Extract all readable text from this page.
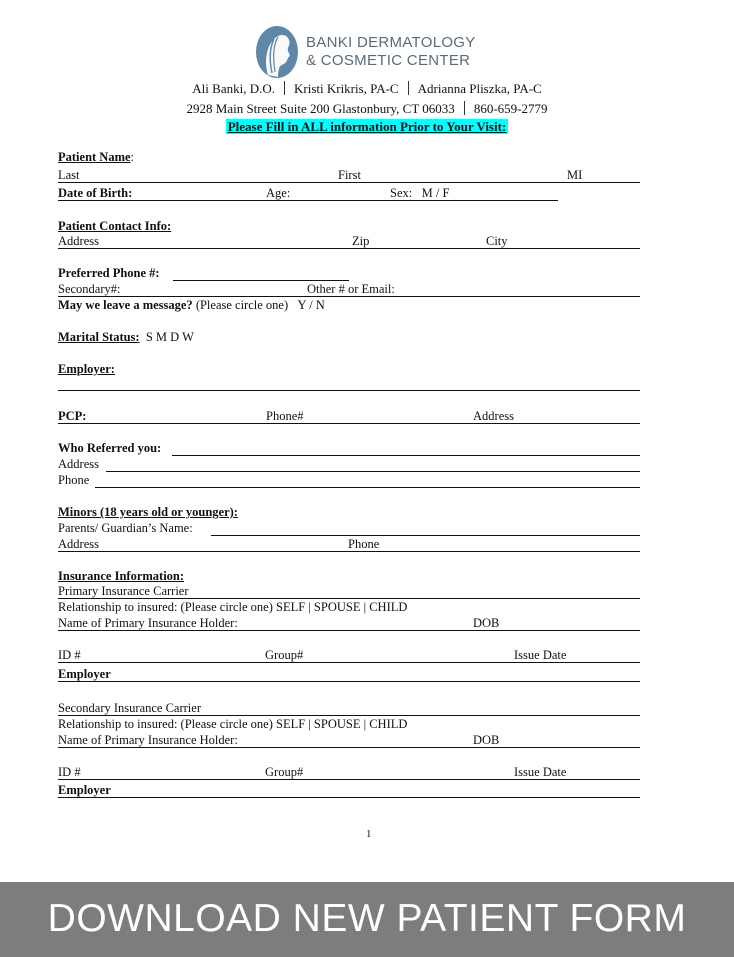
BANKI DERMATOLOGY
& COSMETIC CENTER
Ali Banki, D.O. Kristi Krikris, PA-C Adrianna Pliszka, PA-C
2928 Main Street Suite 200 Glastonbury, CT 06033 860-659-2779
Please Fill in ALL information Prior to Your Visit:
Patient Name:
Last	First	MI
Date of Birth:	Age:	Sex: M / F
Patient Contact Info:
Address	Zip	City
Preferred Phone #:
Secondary#:	Other # or Email:
May we leave a message? (Please circle one) Y / N
Marital Status: S M D W
Employer:
PCP:	Phone#	Address
Who Referred you:
Address
Phone
Minors (18 years old or younger):
Parents/ Guardian’s Name:
Address	Phone
Insurance Information:
Primary Insurance Carrier
Relationship to insured: (Please circle one) SELF | SPOUSE | CHILD
Name of Primary Insurance Holder:	DOB
ID #	Group#	Issue Date
Employer
Secondary Insurance Carrier
Relationship to insured: (Please circle one) SELF | SPOUSE | CHILD
Name of Primary Insurance Holder:	DOB
ID #	Group#	Issue Date
Employer
1
DOWNLOAD NEW PATIENT FORM
